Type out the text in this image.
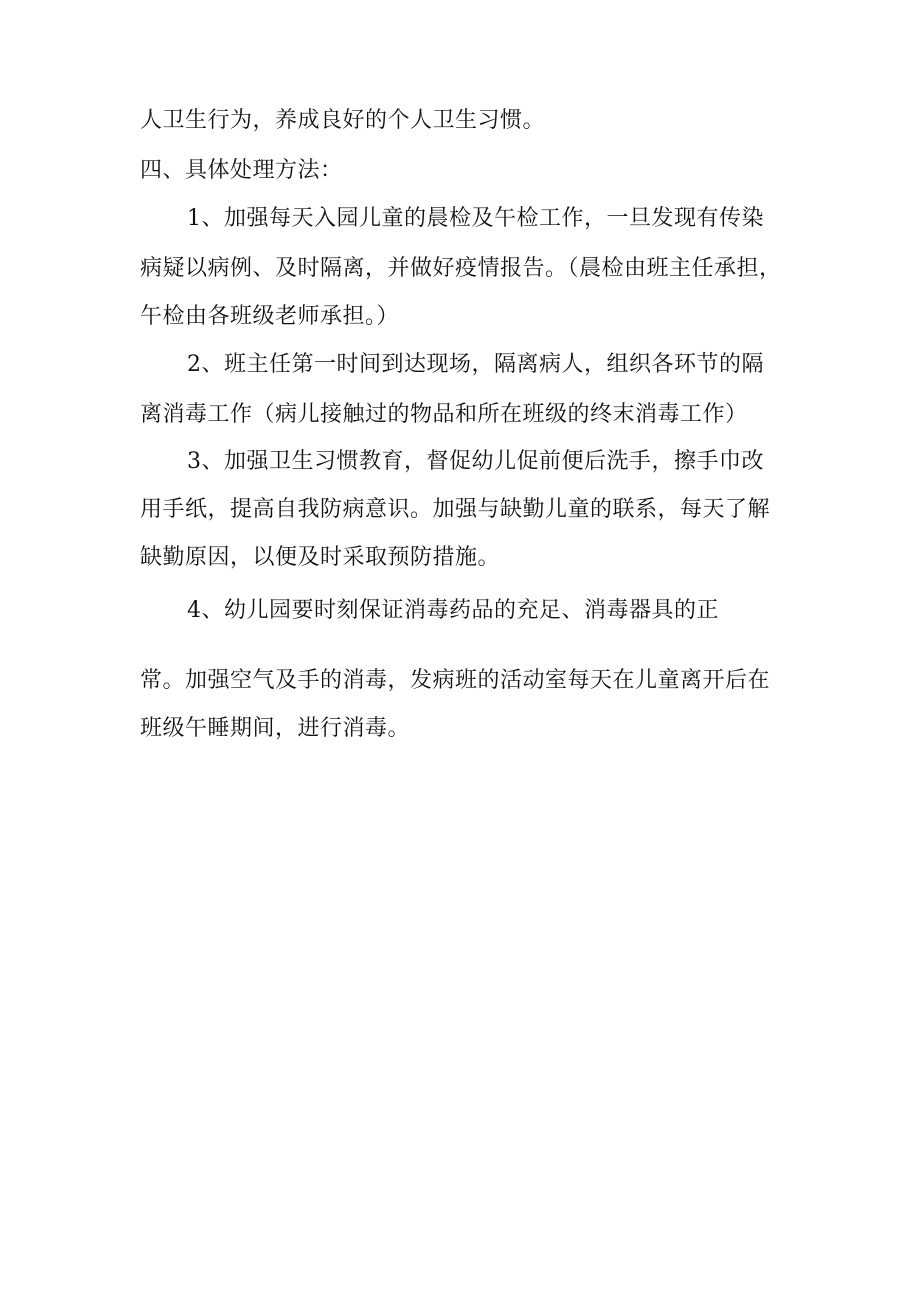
人卫生行为，养成良好的个人卫生习惯。
四、具体处理方法：
1、加强每天入园儿童的晨检及午检工作，一旦发现有传染
病疑以病例、及时隔离，并做好疫情报告。（晨检由班主任承担，
午检由各班级老师承担。）
2、班主任第一时间到达现场，隔离病人，组织各环节的隔
离消毒工作（病儿接触过的物品和所在班级的终末消毒工作）
3、加强卫生习惯教育，督促幼儿促前便后洗手，擦手巾改
用手纸，提高自我防病意识。加强与缺勤儿童的联系，每天了解
缺勤原因，以便及时采取预防措施。
4、幼儿园要时刻保证消毒药品的充足、消毒器具的正
常。加强空气及手的消毒，发病班的活动室每天在儿童离开后在
班级午睡期间，进行消毒。
